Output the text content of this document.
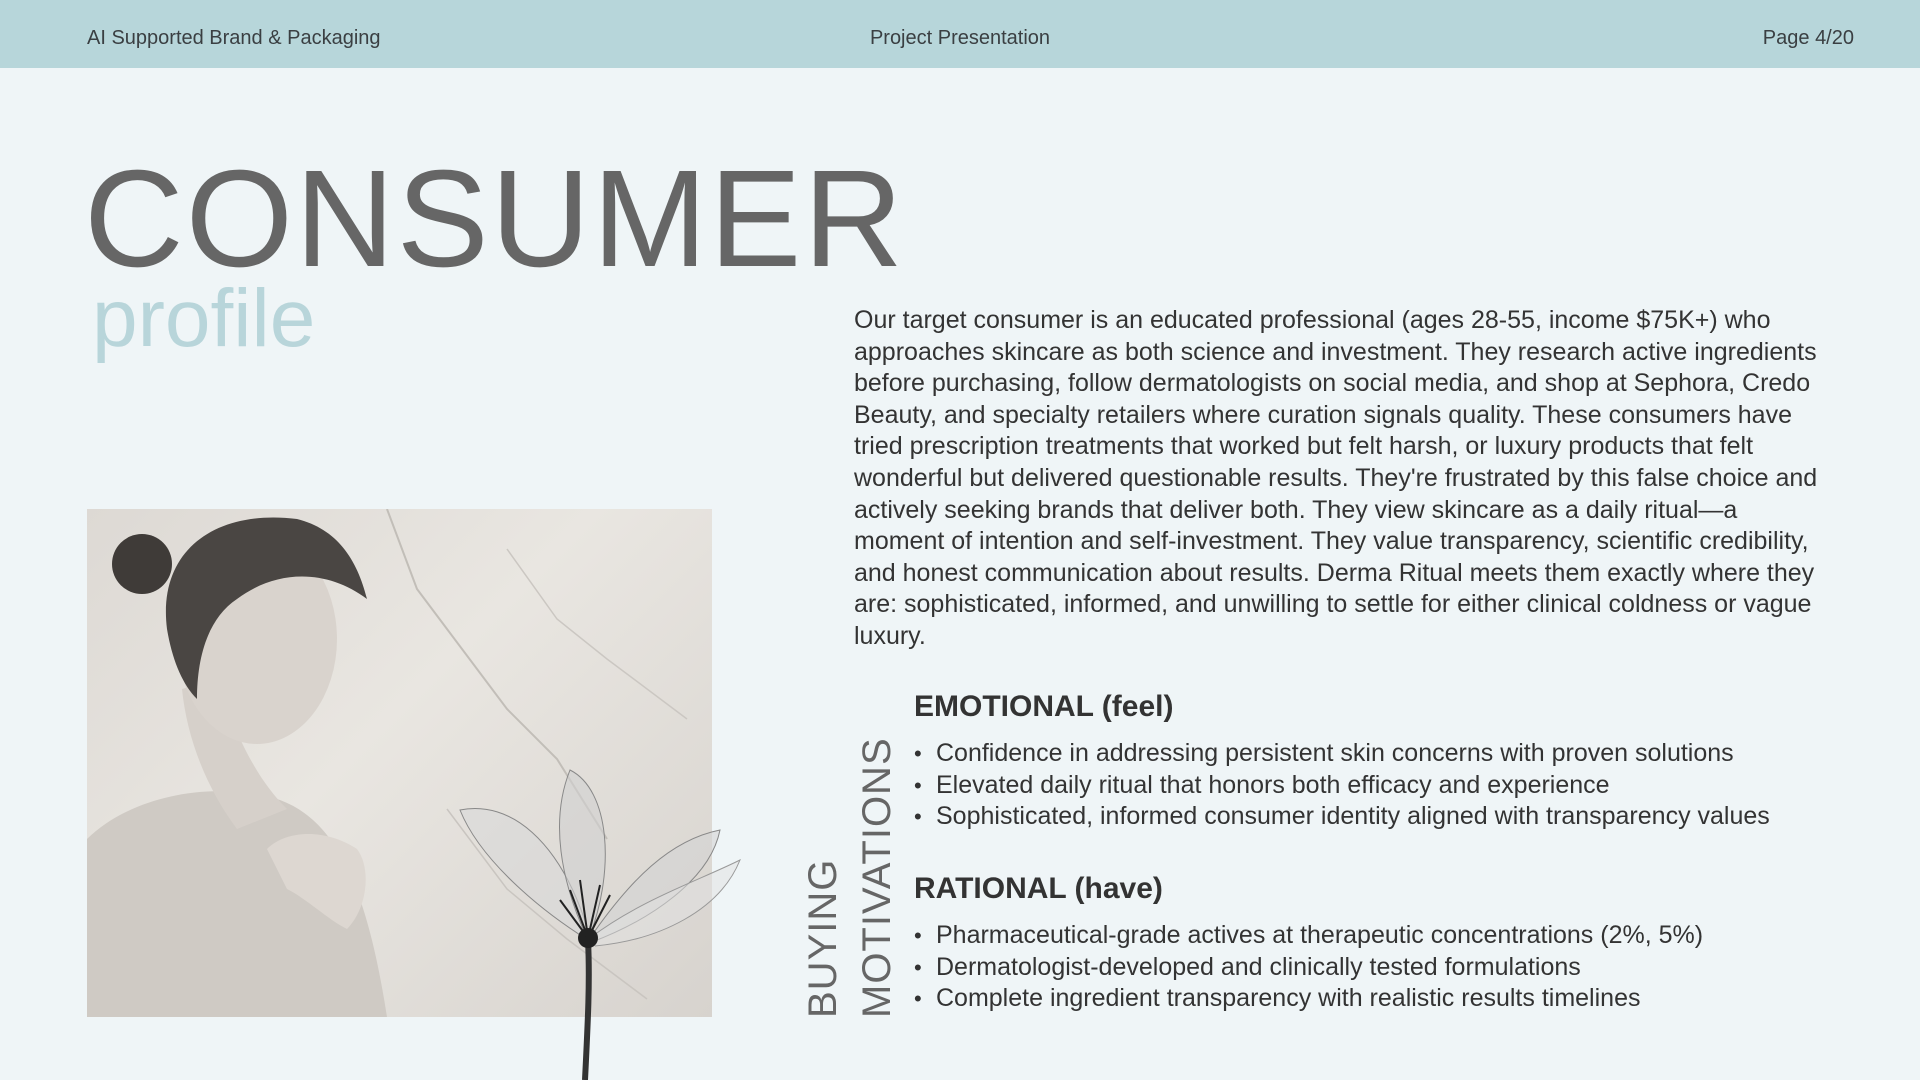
AI Supported Brand & Packaging	Project Presentation	Page 4/20
CONSUMER
profile	Our target consumer is an educated professional (ages 28-55, income $75K+) who approaches skincare as both science and investment. They research active ingredients before purchasing, follow dermatologists on social media, and shop at Sephora, Credo Beauty, and specialty retailers where curation signals quality. These consumers have tried prescription treatments that worked but felt harsh, or luxury products that felt wonderful but delivered questionable results. They're frustrated by this false choice and actively seeking brands that deliver both. They view skincare as a daily ritual—a moment of intention and self-investment. They value transparency, scientific credibility, and honest communication about results. Derma Ritual meets them exactly where they are: sophisticated, informed, and unwilling to settle for either clinical coldness or vague luxury.
BUYING MOTIVATIONS
EMOTIONAL (feel)
• Confidence in addressing persistent skin concerns with proven solutions
• Elevated daily ritual that honors both efficacy and experience
• Sophisticated, informed consumer identity aligned with transparency values
RATIONAL (have)
• Pharmaceutical-grade actives at therapeutic concentrations (2%, 5%)
• Dermatologist-developed and clinically tested formulations
• Complete ingredient transparency with realistic results timelines
